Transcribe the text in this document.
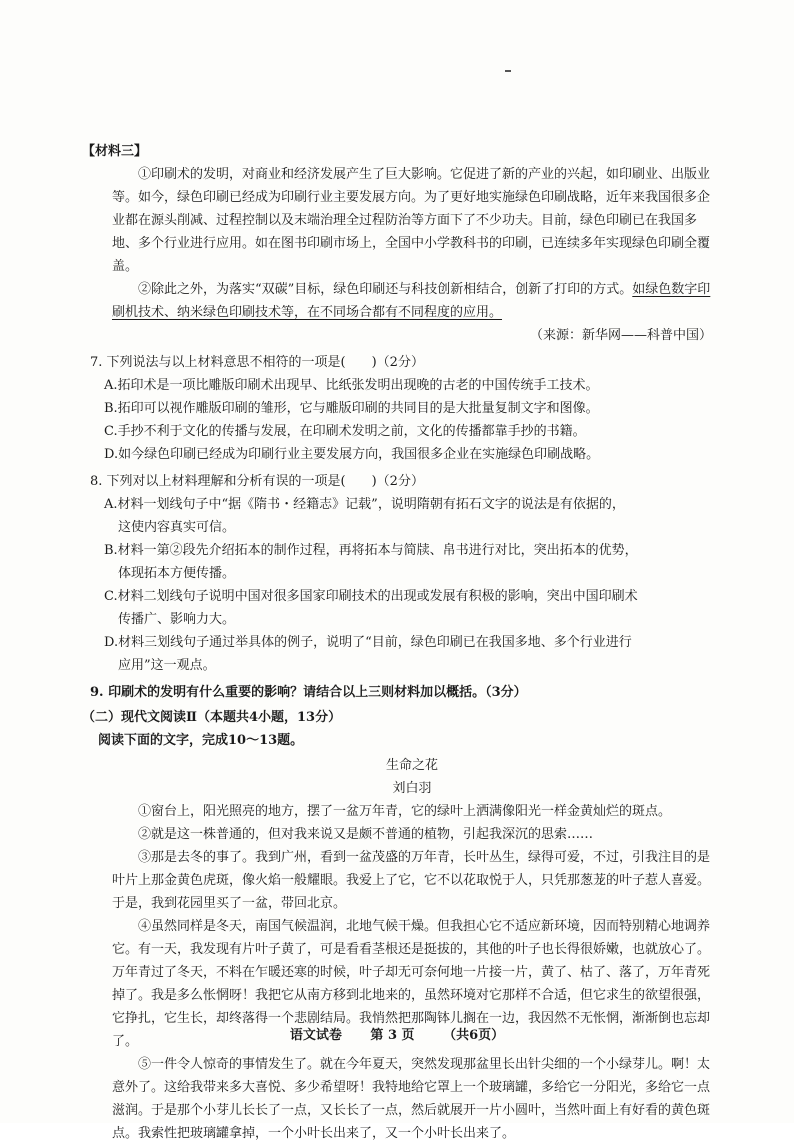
【材料三】

①印刷术的发明，对商业和经济发展产生了巨大影响。它促进了新的产业的兴起，如印刷业、出版业等。如今，绿色印刷已经成为印刷行业主要发展方向。为了更好地实施绿色印刷战略，近年来我国很多企业都在源头削减、过程控制以及末端治理全过程防治等方面下了不少功夫。目前，绿色印刷已在我国多地、多个行业进行应用。如在图书印刷市场上，全国中小学教科书的印刷，已连续多年实现绿色印刷全覆盖。

②除此之外，为落实“双碳”目标，绿色印刷还与科技创新相结合，创新了打印的方式。如绿色数字印刷机技术、纳米绿色印刷技术等，在不同场合都有不同程度的应用。

（来源：新华网——科普中国）

7. 下列说法与以上材料意思不相符的一项是(　　)（2分）

A.拓印术是一项比雕版印刷术出现早、比纸张发明出现晚的古老的中国传统手工技术。

B.拓印可以视作雕版印刷的雏形，它与雕版印刷的共同目的是大批量复制文字和图像。

C.手抄不利于文化的传播与发展，在印刷术发明之前，文化的传播都靠手抄的书籍。

D.如今绿色印刷已经成为印刷行业主要发展方向，我国很多企业在实施绿色印刷战略。

8. 下列对以上材料理解和分析有误的一项是(　　)（2分）

A.材料一划线句子中“据《隋书・经籍志》记载”，说明隋朝有拓石文字的说法是有依据的，
这使内容真实可信。

B.材料一第②段先介绍拓本的制作过程，再将拓本与简牍、帛书进行对比，突出拓本的优势，
体现拓本方便传播。

C.材料二划线句子说明中国对很多国家印刷技术的出现或发展有积极的影响，突出中国印刷术
传播广、影响力大。

D.材料三划线句子通过举具体的例子，说明了“目前，绿色印刷已在我国多地、多个行业进行
应用”这一观点。

9. 印刷术的发明有什么重要的影响？请结合以上三则材料加以概括。（3分）

（二）现代文阅读Ⅱ（本题共4小题，13分）

阅读下面的文字，完成10～13题。

生命之花

刘白羽

①窗台上，阳光照亮的地方，摆了一盆万年青，它的绿叶上洒满像阳光一样金黄灿烂的斑点。

②就是这一株普通的，但对我来说又是颇不普通的植物，引起我深沉的思索……

③那是去冬的事了。我到广州，看到一盆茂盛的万年青，长叶丛生，绿得可爱，不过，引我注目的是叶片上那金黄色虎斑，像火焰一般耀眼。我爱上了它，它不以花取悦于人，只凭那葱茏的叶子惹人喜爱。于是，我到花园里买了一盆，带回北京。

④虽然同样是冬天，南国气候温润，北地气候干燥。但我担心它不适应新环境，因而特别精心地调养它。有一天，我发现有片叶子黄了，可是看看茎根还是挺拔的，其他的叶子也长得很娇嫩，也就放心了。万年青过了冬天，不料在乍暖还寒的时候，叶子却无可奈何地一片接一片，黄了、枯了、落了，万年青死掉了。我是多么怅惘呀！我把它从南方移到北地来的，虽然环境对它那样不合适，但它求生的欲望很强，它挣扎，它生长，却终落得一个悲剧结局。我悄然把那陶钵儿搁在一边，我因然不无怅惘，渐渐倒也忘却了。

⑤一件令人惊奇的事情发生了。就在今年夏天，突然发现那盆里长出针尖细的一个小绿芽儿。啊！太意外了。这给我带来多大喜悦、多少希望呀！我特地给它罩上一个玻璃罐，多给它一分阳光，多给它一点滋润。于是那个小芽儿长长了一点，又长长了一点，然后就展开一片小圆叶，当然叶面上有好看的黄色斑点。我索性把玻璃罐拿掉，一个小叶长出来了，又一个小叶长出来了。

语文试卷 第 3 页 （共6页）
